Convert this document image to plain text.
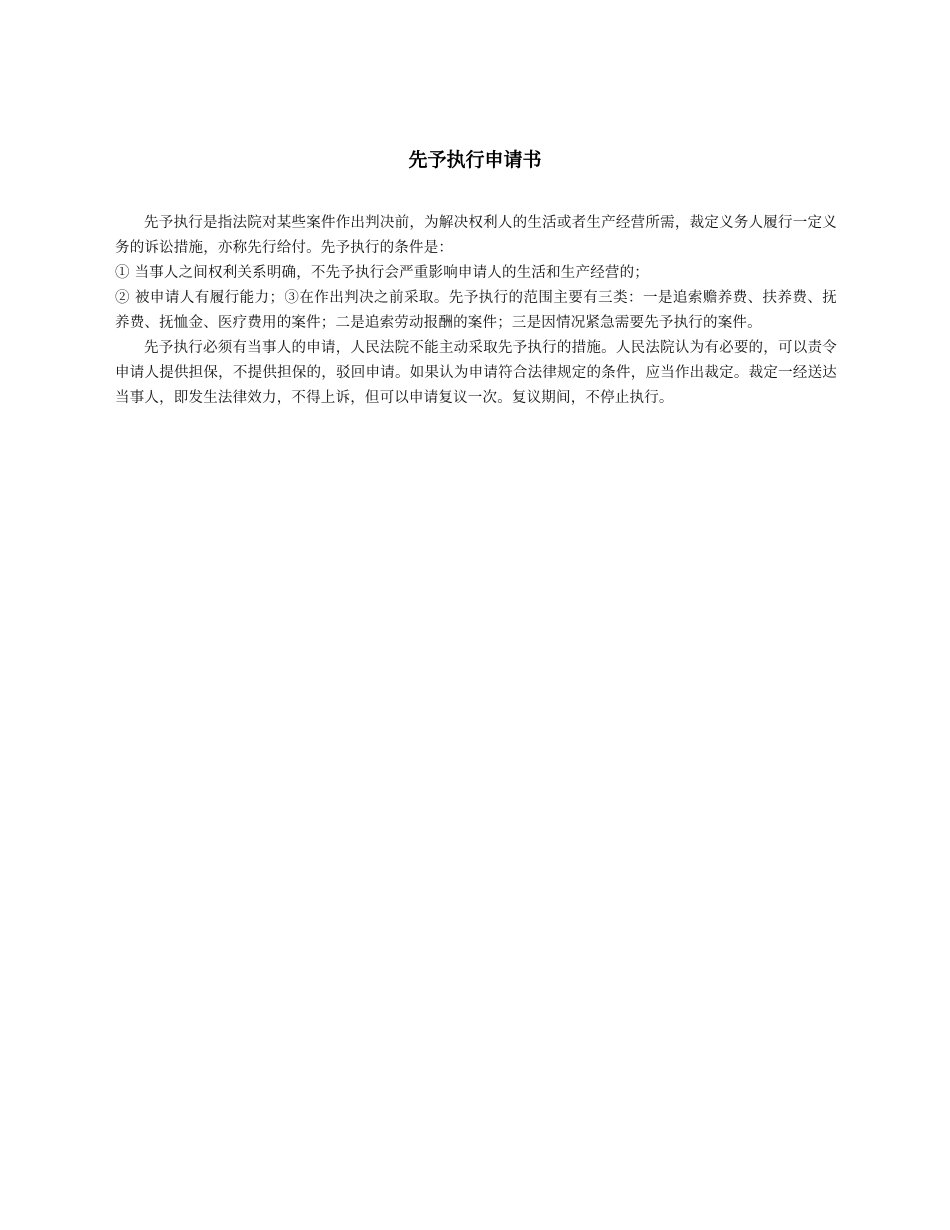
先予执行申请书

先予执行是指法院对某些案件作出判决前，为解决权利人的生活或者生产经营所需，裁定义务人履行一定义务的诉讼措施，亦称先行给付。先予执行的条件是：

① 当事人之间权利关系明确，不先予执行会严重影响申请人的生活和生产经营的；

② 被申请人有履行能力；③在作出判决之前采取。先予执行的范围主要有三类：一是追索赡养费、扶养费、抚养费、抚恤金、医疗费用的案件；二是追索劳动报酬的案件；三是因情况紧急需要先予执行的案件。

先予执行必须有当事人的申请，人民法院不能主动采取先予执行的措施。人民法院认为有必要的，可以责令申请人提供担保，不提供担保的，驳回申请。如果认为申请符合法律规定的条件，应当作出裁定。裁定一经送达当事人，即发生法律效力，不得上诉，但可以申请复议一次。复议期间，不停止执行。
